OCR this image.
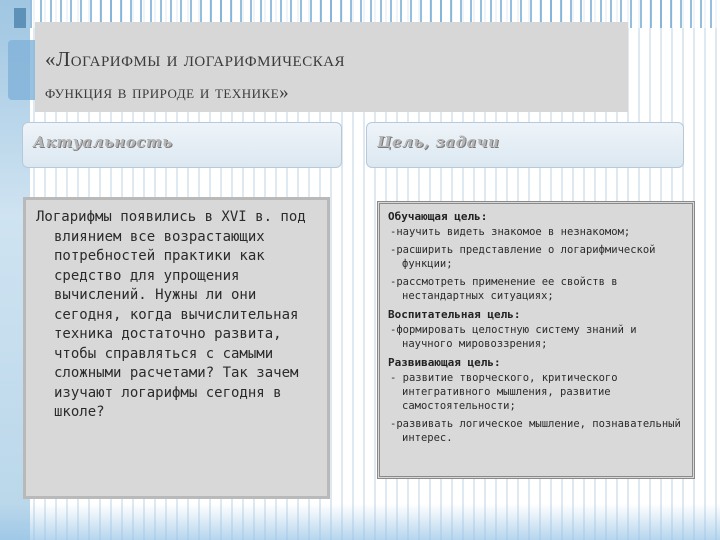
«Логарифмы и логарифмическая
функция в природе и технике»
Актуальность	Цель, задачи

Логарифмы появились в XVI в. под влиянием все возрастающих потребностей практики как средство для упрощения вычислений. Нужны ли они сегодня, когда вычислительная техника достаточно развита, чтобы справляться с самыми сложными расчетами? Так зачем изучают логарифмы сегодня в школе?

Обучающая цель:

-научить видеть знакомое в незнакомом;

-расширить представление о логарифмической функции;

-рассмотреть применение ее свойств в нестандартных ситуациях;

Воспитательная цель:

-формировать целостную систему знаний и научного мировоззрения;

Развивающая цель:

- развитие творческого, критического интегративного мышления, развитие самостоятельности;

-развивать логическое мышление, познавательный интерес.
